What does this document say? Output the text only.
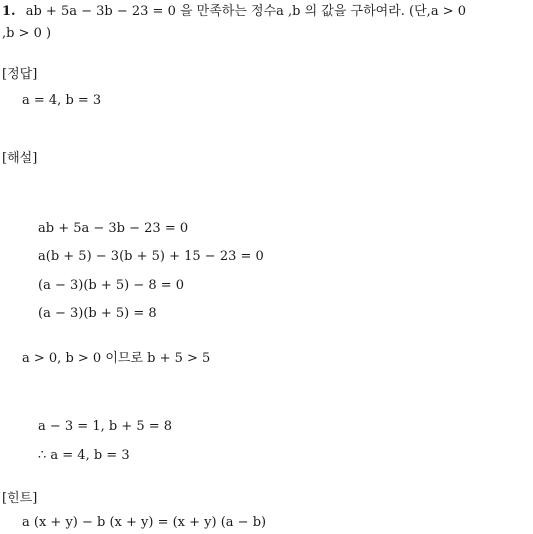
1. ab + 5a − 3b − 23 = 0 을 만족하는 정수a ,b 의 값을 구하여라. (단,a > 0
,b > 0 )
[정답]
a = 4, b = 3
[해설]
ab + 5a − 3b − 23 = 0
a(b + 5) − 3(b + 5) + 15 − 23 = 0
(a − 3)(b + 5) − 8 = 0
(a − 3)(b + 5) = 8
a > 0, b > 0 이므로 b + 5 > 5
a − 3 = 1, b + 5 = 8
∴ a = 4, b = 3
[힌트]
a (x + y) − b (x + y) = (x + y) (a − b)
